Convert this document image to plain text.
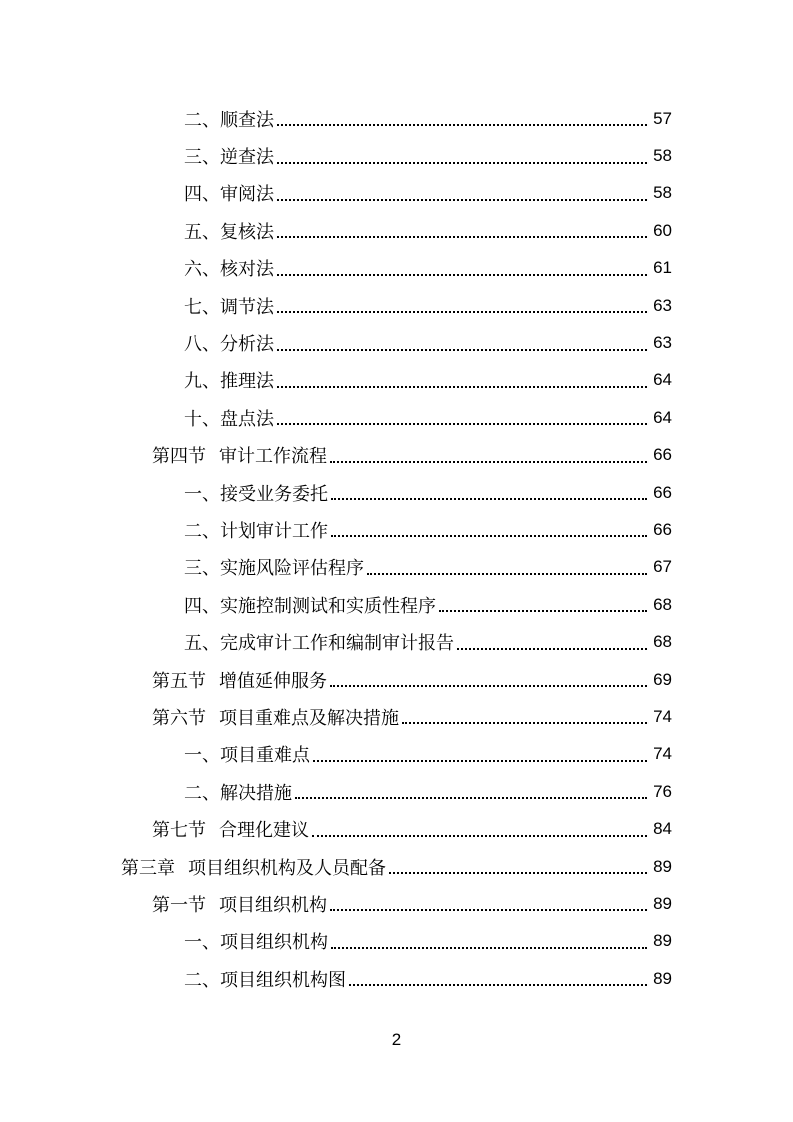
二、 顺查法	57
三、 逆查法	58
四、 审阅法	58
五、 复核法	60
六、 核对法	61
七、 调节法	63
八、 分析法	63
九、 推理法	64
十、 盘点法	64
第四节 审计工作流程	66
一、 接受业务委托	66
二、 计划审计工作	66
三、 实施风险评估程序	67
四、 实施控制测试和实质性程序	68
五、 完成审计工作和编制审计报告	68
第五节 增值延伸服务	69
第六节 项目重难点及解决措施	74
一、 项目重难点	74
二、 解决措施	76
第七节 合理化建议	84
第三章 项目组织机构及人员配备	89
第一节 项目组织机构	89
一、 项目组织机构	89
二、 项目组织机构图	89
2
